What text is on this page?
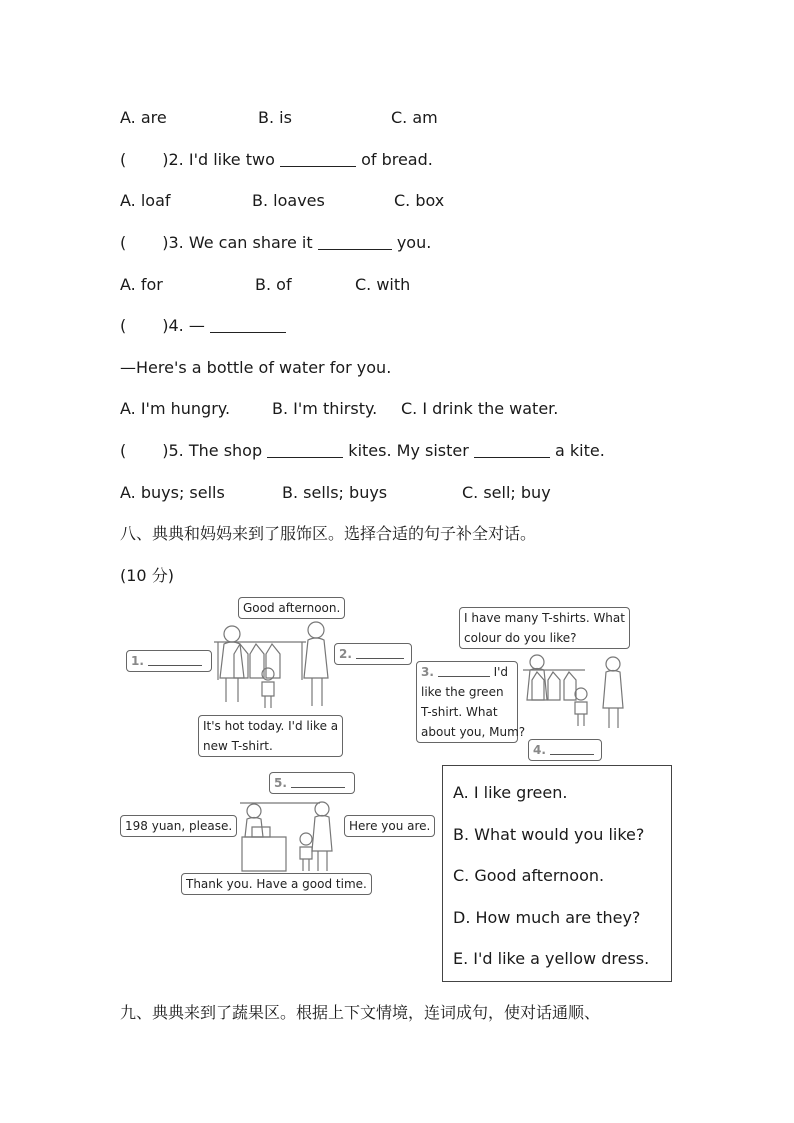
A. are	B. is	C. am
( )2. I'd like two	of bread.
A. loaf	B. loaves	C. box
( )3. We can share it	you.
A. for	B. of	C. with
( )4. —
—Here's a bottle of water for you.
A. I'm hungry.	B. I'm thirsty. C. I drink the water.
( )5. The shop	kites. My sister	a kite.
A. buys; sells	B. sells; buys	C. sell; buy
八、典典和妈妈来到了服饰区。选择合适的句子补全对话。
(10 分)
Good afternoon.
1.	2.
It's hot today. I'd like a
new T-shirt.
I have many T-shirts. What
colour do you like?
3.	I'd
like the green
T-shirt. What
about you, Mum?
4.
5.
198 yuan, please.	Here you are.
Thank you. Have a good time.
A. I like green.
B. What would you like?
C. Good afternoon.
D. How much are they?
E. I'd like a yellow dress.
九、典典来到了蔬果区。根据上下文情境，连词成句，使对话通顺、
